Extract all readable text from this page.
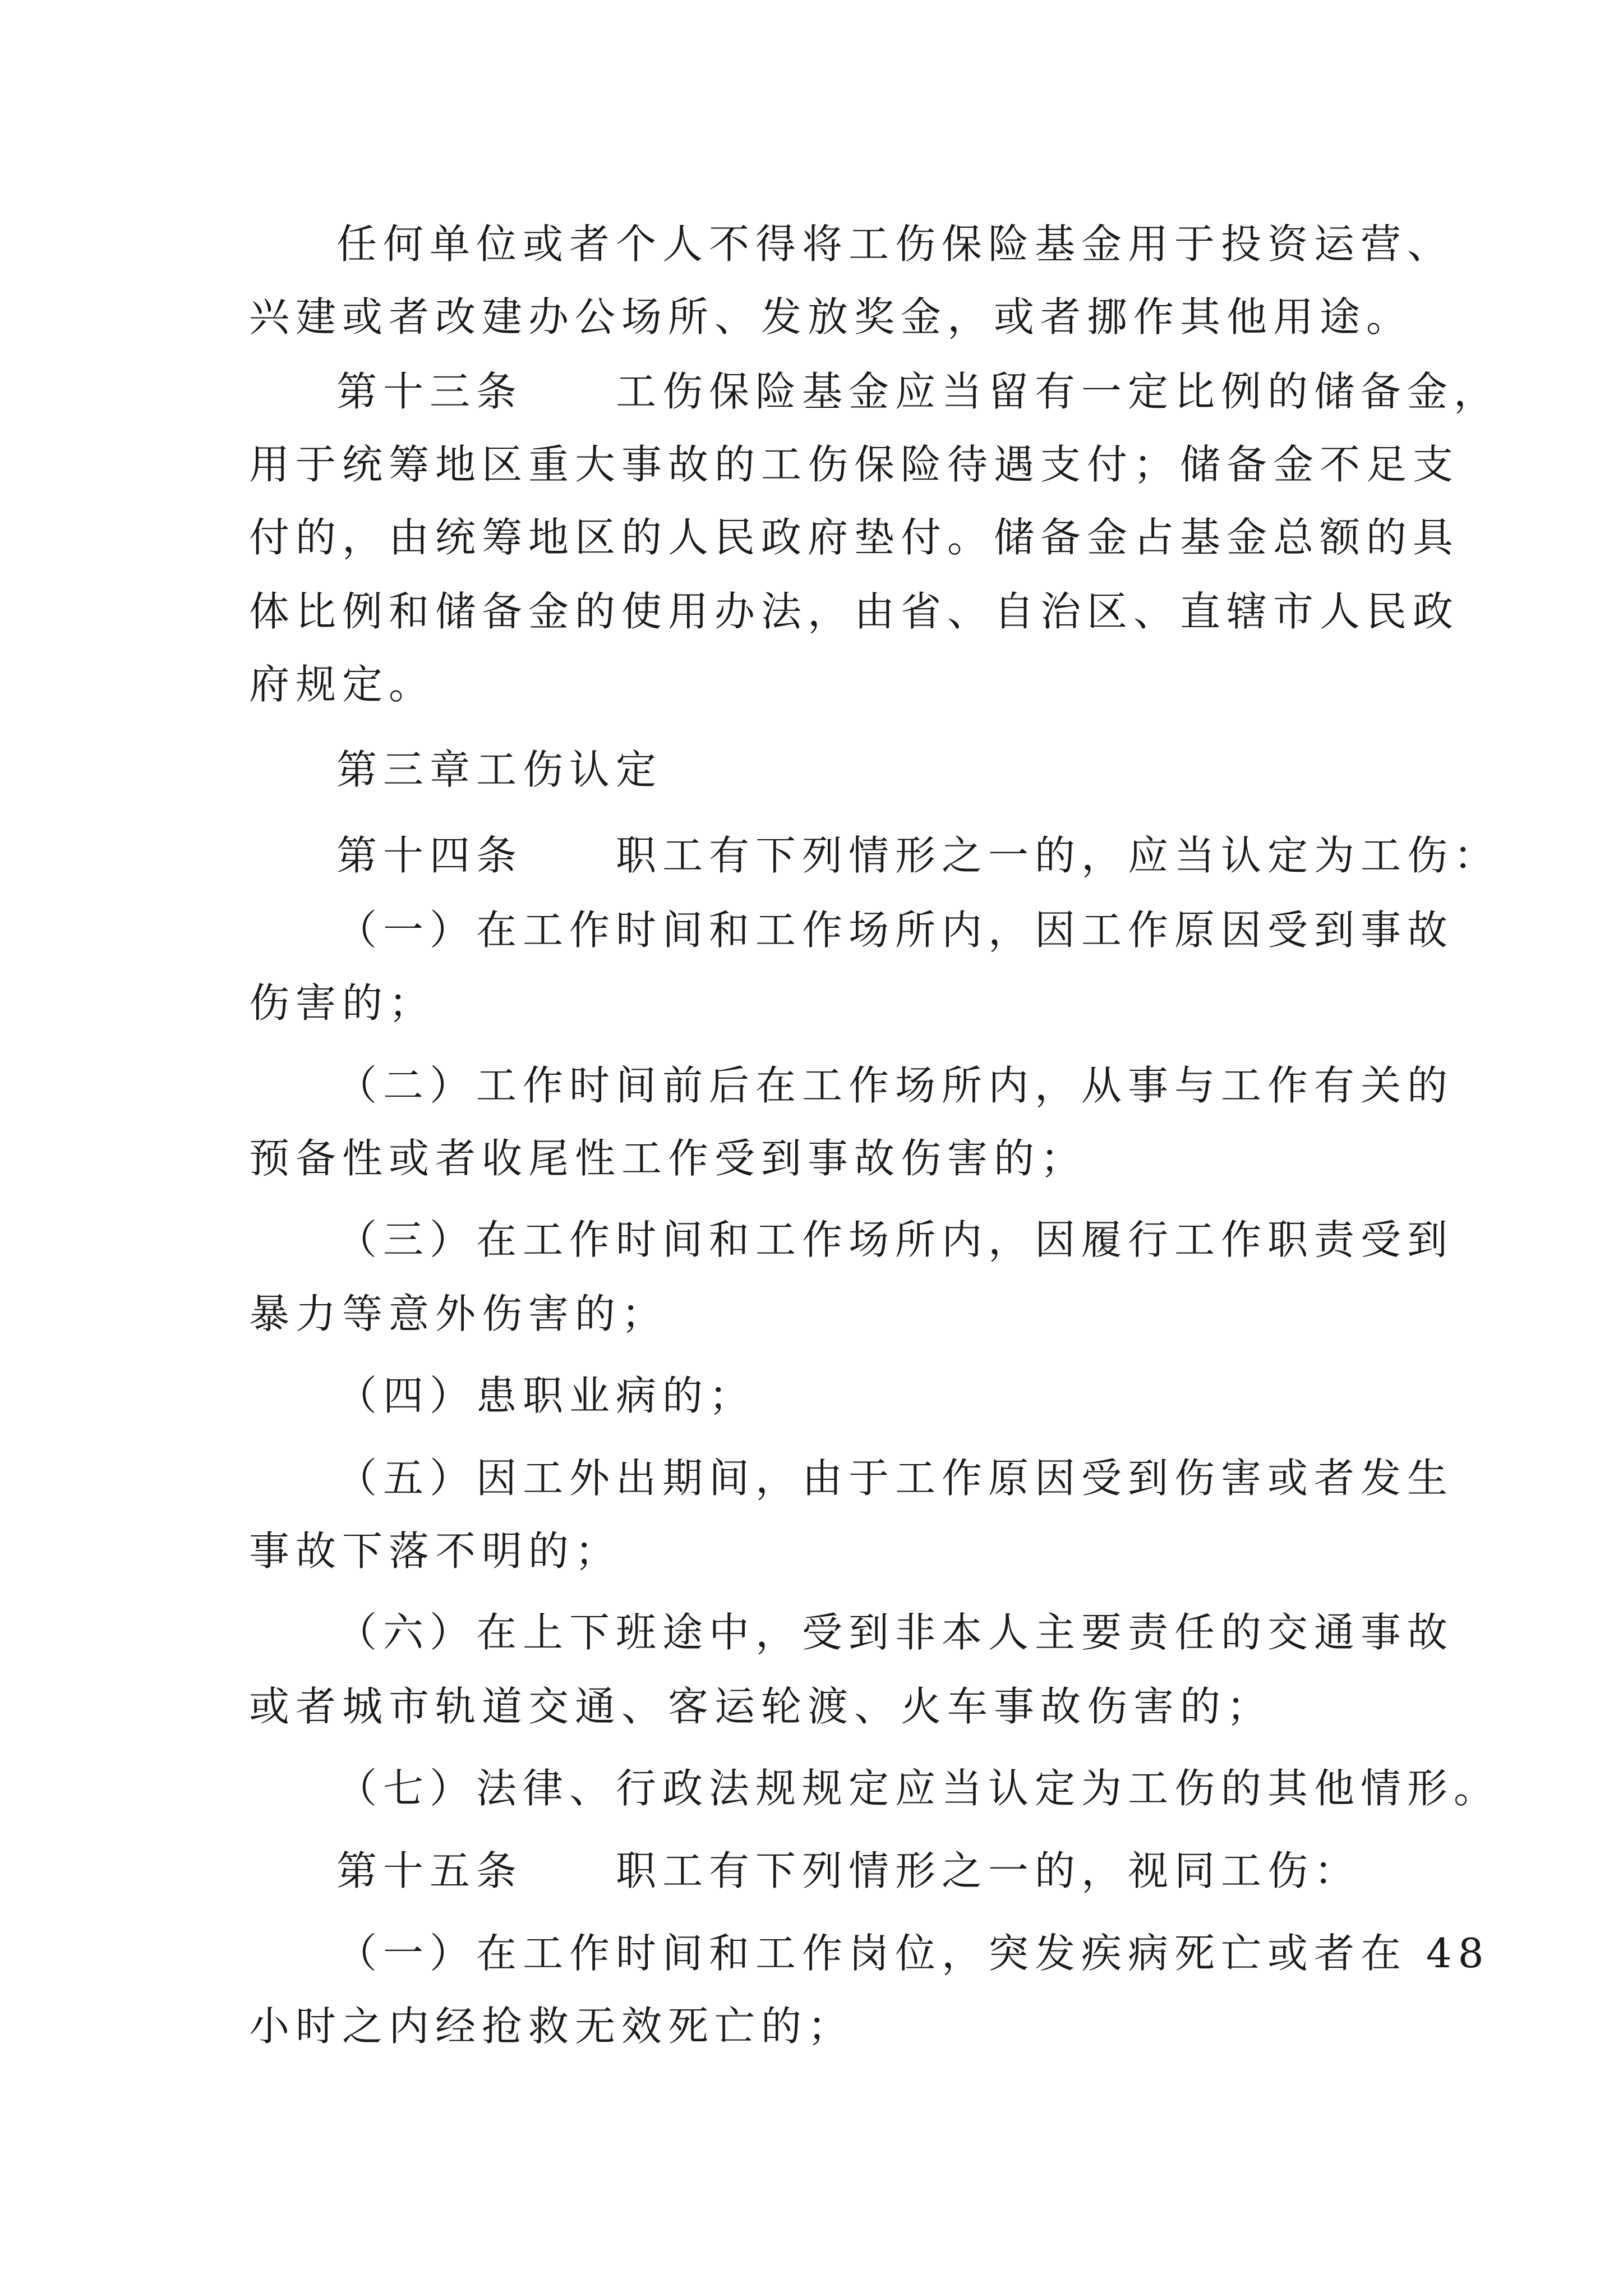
任何单位或者个人不得将工伤保险基金用于投资运营、
兴建或者改建办公场所、发放奖金，或者挪作其他用途。
第十三条　　工伤保险基金应当留有一定比例的储备金，
用于统筹地区重大事故的工伤保险待遇支付；储备金不足支
付的，由统筹地区的人民政府垫付。储备金占基金总额的具
体比例和储备金的使用办法，由省、自治区、直辖市人民政
府规定。
第三章工伤认定
第十四条　　职工有下列情形之一的，应当认定为工伤：
（一）在工作时间和工作场所内，因工作原因受到事故
伤害的；
（二）工作时间前后在工作场所内，从事与工作有关的
预备性或者收尾性工作受到事故伤害的；
（三）在工作时间和工作场所内，因履行工作职责受到
暴力等意外伤害的；
（四）患职业病的；
（五）因工外出期间，由于工作原因受到伤害或者发生
事故下落不明的；
（六）在上下班途中，受到非本人主要责任的交通事故
或者城市轨道交通、客运轮渡、火车事故伤害的；
（七）法律、行政法规规定应当认定为工伤的其他情形。
第十五条　　职工有下列情形之一的，视同工伤：
（一）在工作时间和工作岗位，突发疾病死亡或者在 48
小时之内经抢救无效死亡的；
